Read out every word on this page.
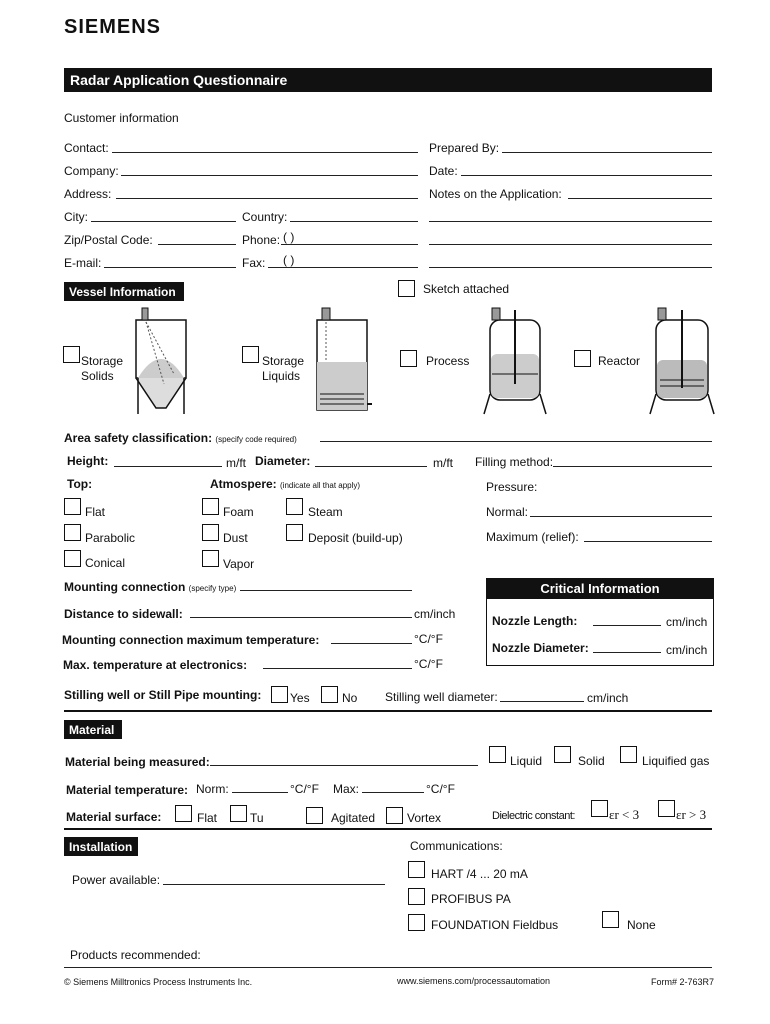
SIEMENS
Radar Application Questionnaire
Customer information
Contact:	Prepared By:
Company:	Date:
Address:	Notes on the Application:
City:	Country:
Zip/Postal Code:	Phone: ( )
E-mail:	Fax: ( )
Vessel Information	Sketch attached
Storage
Solids
Storage
Liquids
Process	Reactor
Area safety classification: (specify code required)
Height:	m/ft Diameter:	m/ft Filling method:
Top:	Atmospere: (indicate all that apply)	Pressure:
Flat	Foam	Steam	Normal:
Parabolic	Dust	Deposit (build-up)	Maximum (relief):
Conical	Vapor
Mounting connection (specify type)
Distance to sidewall:	cm/inch
Mounting connection maximum temperature:	°C/°F
Max. temperature at electronics:	°C/°F
Critical Information
Nozzle Length:	cm/inch
Nozzle Diameter:	cm/inch
Stilling well or Still Pipe mounting: Yes	No Stilling well diameter:	cm/inch
Material
Material being measured:	Liquid	Solid	Liquified gas
Material temperature: Norm:	°C/°F Max:	°C/°F
Material surface:	Flat	Tu	Agitated	Vortex	Dielectric constant:	εr < 3	εr > 3
Installation	Communications:
Power available:	HART /4 ... 20 mA
PROFIBUS PA
FOUNDATION Fieldbus	None
Products recommended:
© Siemens Milltronics Process Instruments Inc.	www.siemens.com/processautomation	Form# 2-763R7
